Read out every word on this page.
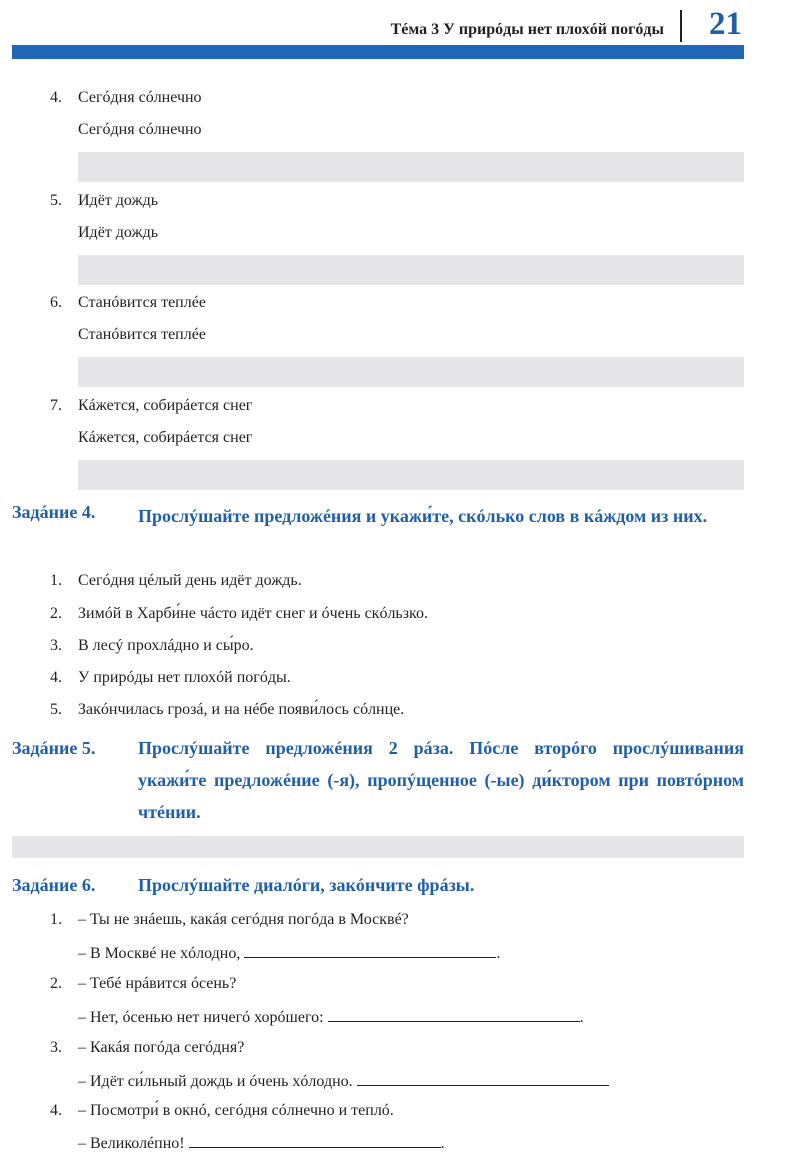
Тéма 3 У прирóды нет плохóй погóды 21
4. Сегóдня сóлнечно
Сегóдня сóлнечно
5. Идёт дождь
Идёт дождь
6. Станóвится теплéе
Станóвится теплéе
7. Кáжется, собирáется снег
Кáжется, собирáется снег
Задáние 4. Прослýшайте предложéния и укажи́те, скóлько слов в кáждом из них.
1. Сегóдня цéлый день идёт дождь.
2. Зимóй в Харби́не чáсто идёт снег и óчень скóльзко.
3. В лесý прохлáдно и сы́ро.
4. У прирóды нет плохóй погóды.
5. Закóнчилась грозá, и на нéбе появи́лось сóлнце.
Задáние 5. Прослýшайте предложéния 2 рáза. Пóсле вторóго прослýшивания укажи́те предложéние (-я), пропýщенное (-ые) ди́ктором при повтóрном чтéнии.
Задáние 6. Прослýшайте диалóги, закóнчите фрáзы.
1. – Ты не знáешь, какáя сегóдня погóда в Москвé?
– В Москвé не хóлодно,	.
2. – Тебé нрáвится óсень?
– Нет, óсенью нет ничегó хорóшего:	.
3. – Какáя погóда сегóдня?
– Идёт си́льный дождь и óчень хóлодно.
4. – Посмотри́ в окнó, сегóдня сóлнечно и теплó.
– Великолéпно!	.
